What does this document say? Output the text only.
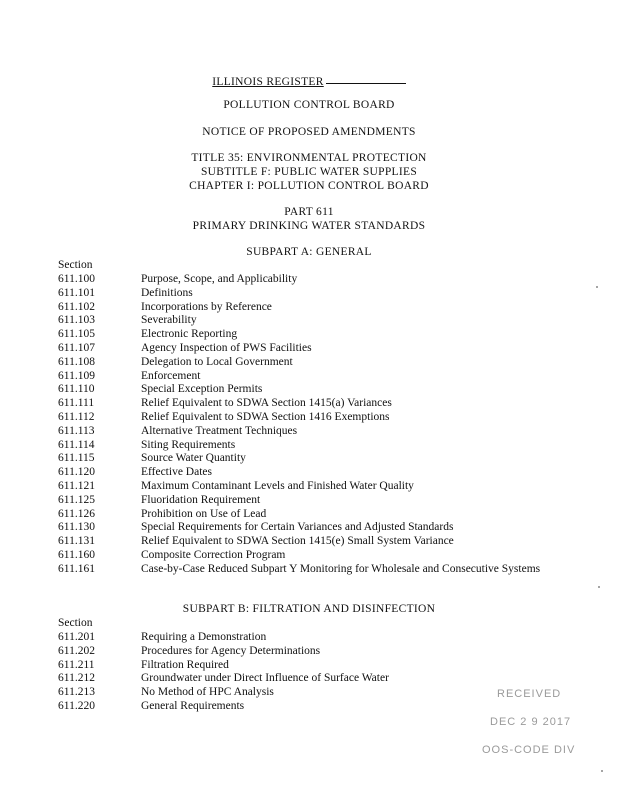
ILLINOIS REGISTER
POLLUTION CONTROL BOARD
NOTICE OF PROPOSED AMENDMENTS
TITLE 35: ENVIRONMENTAL PROTECTION
SUBTITLE F: PUBLIC WATER SUPPLIES
CHAPTER I: POLLUTION CONTROL BOARD
PART 611
PRIMARY DRINKING WATER STANDARDS
SUBPART A: GENERAL
Section
611.100	Purpose, Scope, and Applicability
611.101	Definitions
611.102	Incorporations by Reference
611.103	Severability
611.105	Electronic Reporting
611.107	Agency Inspection of PWS Facilities
611.108	Delegation to Local Government
611.109	Enforcement
611.110	Special Exception Permits
611.111	Relief Equivalent to SDWA Section 1415(a) Variances
611.112	Relief Equivalent to SDWA Section 1416 Exemptions
611.113	Alternative Treatment Techniques
611.114	Siting Requirements
611.115	Source Water Quantity
611.120	Effective Dates
611.121	Maximum Contaminant Levels and Finished Water Quality
611.125	Fluoridation Requirement
611.126	Prohibition on Use of Lead
611.130	Special Requirements for Certain Variances and Adjusted Standards
611.131	Relief Equivalent to SDWA Section 1415(e) Small System Variance
611.160	Composite Correction Program
611.161	Case-by-Case Reduced Subpart Y Monitoring for Wholesale and Consecutive Systems
SUBPART B: FILTRATION AND DISINFECTION
Section
611.201	Requiring a Demonstration
611.202	Procedures for Agency Determinations
611.211	Filtration Required
611.212	Groundwater under Direct Influence of Surface Water
611.213	No Method of HPC Analysis
611.220	General Requirements
RECEIVED
DEC 2 9 2017
OOS-CODE DIV
